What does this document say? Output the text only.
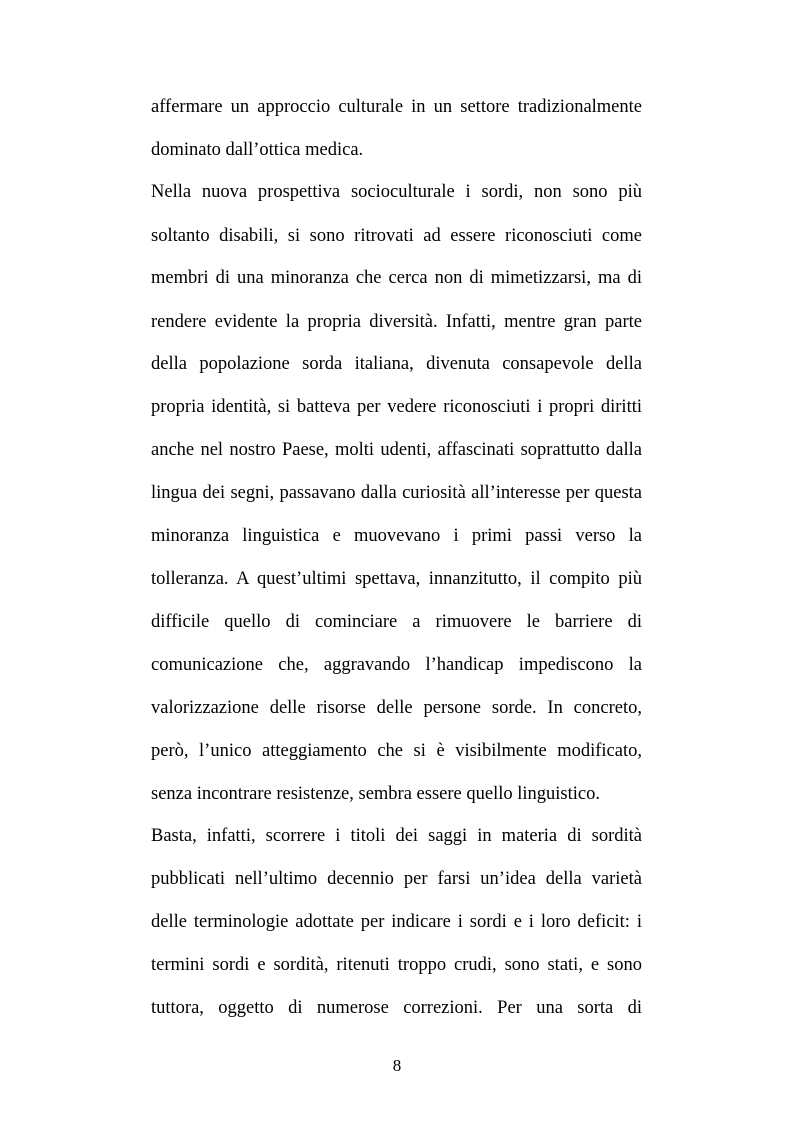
affermare un approccio culturale in un settore tradizionalmente
dominato dall’ottica medica.
Nella nuova prospettiva socioculturale i sordi, non sono più
soltanto disabili, si sono ritrovati ad essere riconosciuti come
membri di una minoranza che cerca non di mimetizzarsi, ma di
rendere evidente la propria diversità. Infatti, mentre gran parte
della popolazione sorda italiana, divenuta consapevole della
propria identità, si batteva per vedere riconosciuti i propri diritti
anche nel nostro Paese, molti udenti, affascinati soprattutto dalla
lingua dei segni, passavano dalla curiosità all’interesse per questa
minoranza linguistica e muovevano i primi passi verso la
tolleranza. A quest’ultimi spettava, innanzitutto, il compito più
difficile quello di cominciare a rimuovere le barriere di
comunicazione che, aggravando l’handicap impediscono la
valorizzazione delle risorse delle persone sorde. In concreto,
però, l’unico atteggiamento che si è visibilmente modificato,
senza incontrare resistenze, sembra essere quello linguistico.
Basta, infatti, scorrere i titoli dei saggi in materia di sordità
pubblicati nell’ultimo decennio per farsi un’idea della varietà
delle terminologie adottate per indicare i sordi e i loro deficit: i
termini sordi e sordità, ritenuti troppo crudi, sono stati, e sono
tuttora, oggetto di numerose correzioni. Per una sorta di
8
